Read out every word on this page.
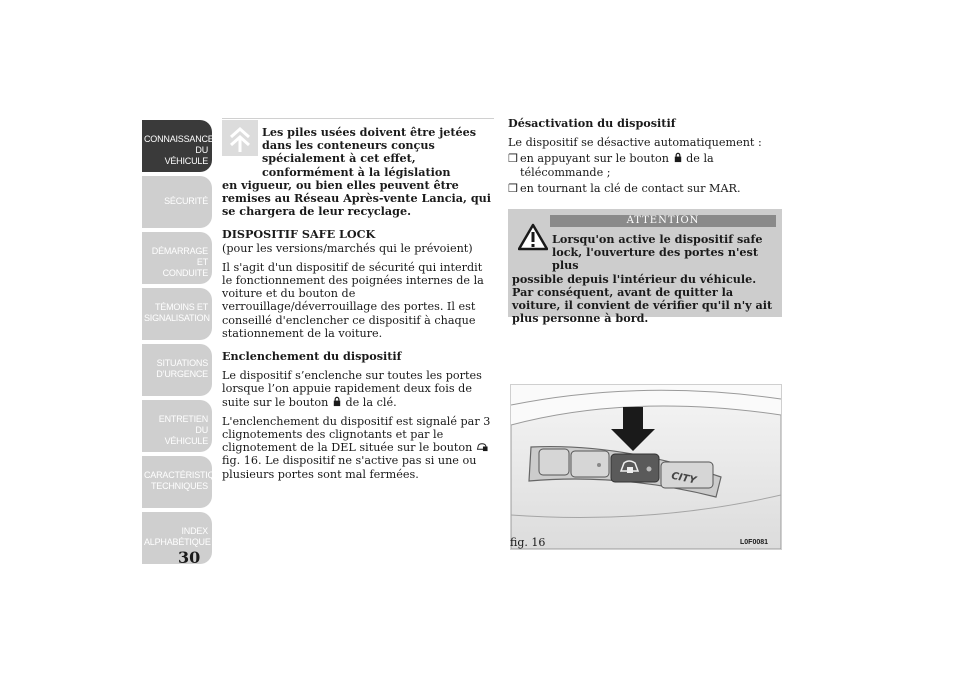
CONNAISSANCE DU
VÉHICULE
SÉCURITÉ
DÉMARRAGE ET
CONDUITE
TÉMOINS ET
SIGNALISATION
SITUATIONS
D’URGENCE
ENTRETIEN DU
VÉHICULE
CARACTÉRISTIQUES
TECHNIQUES
INDEX
ALPHABÉTIQUE
30

Les piles usées doivent être jetées dans les conteneurs conçus spécialement à cet effet, conformément à la législation

en vigueur, ou bien elles peuvent être remises au Réseau Après-vente Lancia, qui se chargera de leur recyclage.

DISPOSITIF SAFE LOCK

(pour les versions/marchés qui le prévoient)

Il s'agit d'un dispositif de sécurité qui interdit le fonctionnement des poignées internes de la voiture et du bouton de verrouillage/déverrouillage des portes. Il est conseillé d'enclencher ce dispositif à chaque stationnement de la voiture.

Enclenchement du dispositif

Le dispositif s’enclenche sur toutes les portes lorsque l’on appuie rapidement deux fois de suite sur le bouton de la clé.

L'enclenchement du dispositif est signalé par 3 clignotements des clignotants et par le clignotement de la DEL située sur le bouton  fig. 16. Le dispositif ne s'active pas si une ou plusieurs portes sont mal fermées.

Désactivation du dispositif

Le dispositif se désactive automatiquement :

❒ en appuyant sur le bouton de la télécommande ;
❒ en tournant la clé de contact sur MAR.
ATTENTION
Lorsqu'on active le dispositif safe lock, l'ouverture des portes n'est plus
possible depuis l'intérieur du véhicule. Par conséquent, avant de quitter la voiture, il convient de vérifier qu'il n'y ait plus personne à bord.
CITY
fig. 16	L0F0081
